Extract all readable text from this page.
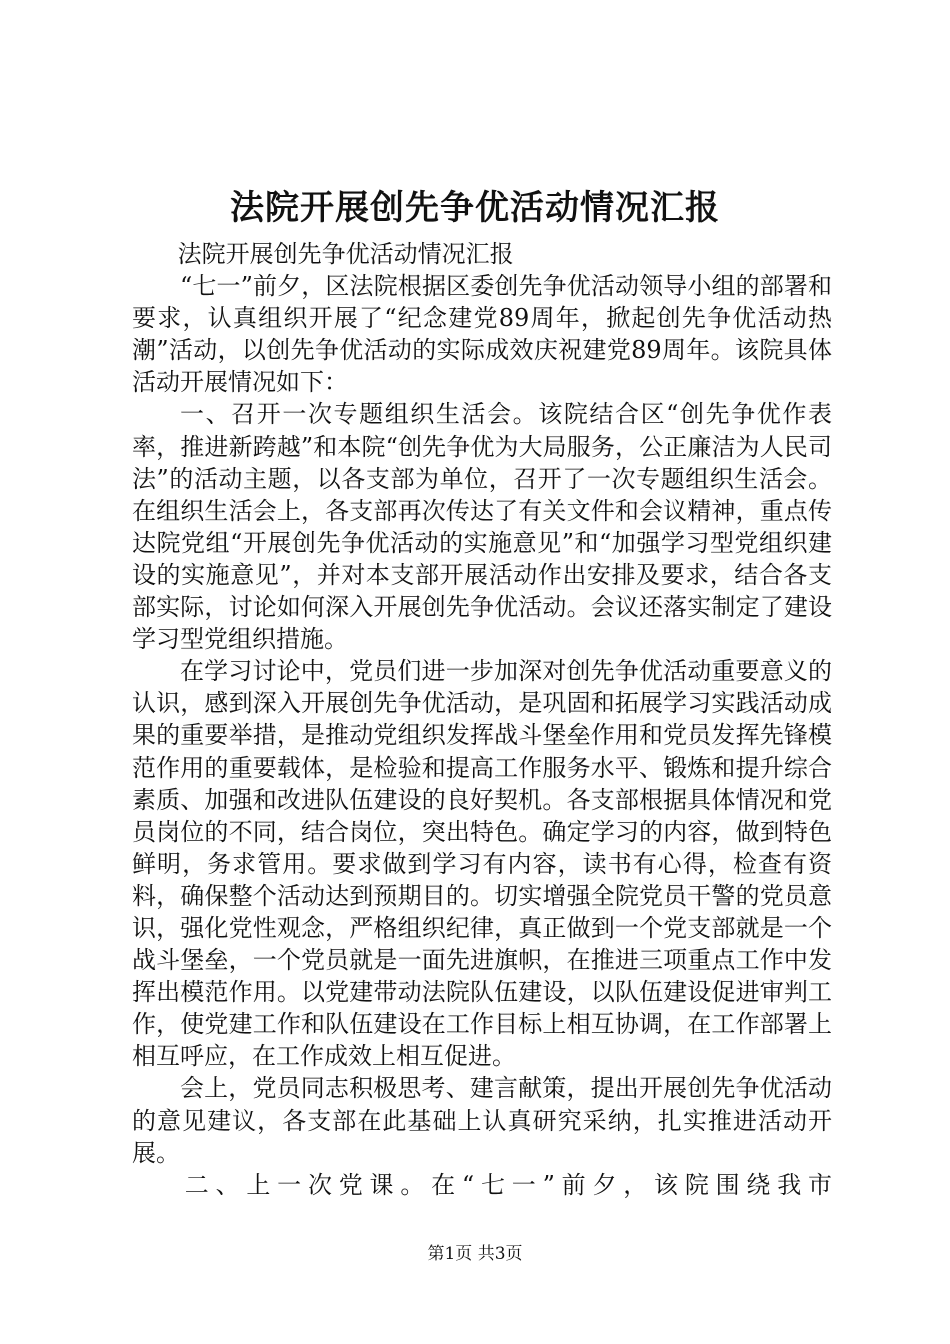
法院开展创先争优活动情况汇报

法院开展创先争优活动情况汇报

“七一”前夕，区法院根据区委创先争优活动领导小组的部署和要求，认真组织开展了“纪念建党89周年，掀起创先争优活动热潮”活动，以创先争优活动的实际成效庆祝建党89周年。该院具体活动开展情况如下：

一、召开一次专题组织生活会。该院结合区“创先争优作表率，推进新跨越”和本院“创先争优为大局服务，公正廉洁为人民司法”的活动主题，以各支部为单位，召开了一次专题组织生活会。在组织生活会上，各支部再次传达了有关文件和会议精神，重点传达院党组“开展创先争优活动的实施意见”和“加强学习型党组织建设的实施意见”，并对本支部开展活动作出安排及要求，结合各支部实际，讨论如何深入开展创先争优活动。会议还落实制定了建设学习型党组织措施。

在学习讨论中，党员们进一步加深对创先争优活动重要意义的认识，感到深入开展创先争优活动，是巩固和拓展学习实践活动成果的重要举措，是推动党组织发挥战斗堡垒作用和党员发挥先锋模范作用的重要载体，是检验和提高工作服务水平、锻炼和提升综合素质、加强和改进队伍建设的良好契机。各支部根据具体情况和党员岗位的不同，结合岗位，突出特色。确定学习的内容，做到特色鲜明，务求管用。要求做到学习有内容，读书有心得，检查有资料，确保整个活动达到预期目的。切实增强全院党员干警的党员意识，强化党性观念，严格组织纪律，真正做到一个党支部就是一个战斗堡垒，一个党员就是一面先进旗帜，在推进三项重点工作中发挥出模范作用。以党建带动法院队伍建设，以队伍建设促进审判工作，使党建工作和队伍建设在工作目标上相互协调，在工作部署上相互呼应，在工作成效上相互促进。

会上，党员同志积极思考、建言献策，提出开展创先争优活动的意见建议，各支部在此基础上认真研究采纳，扎实推进活动开展。

二、上一次党课。在“七一”前夕，该院围绕我市

第1页 共3页
